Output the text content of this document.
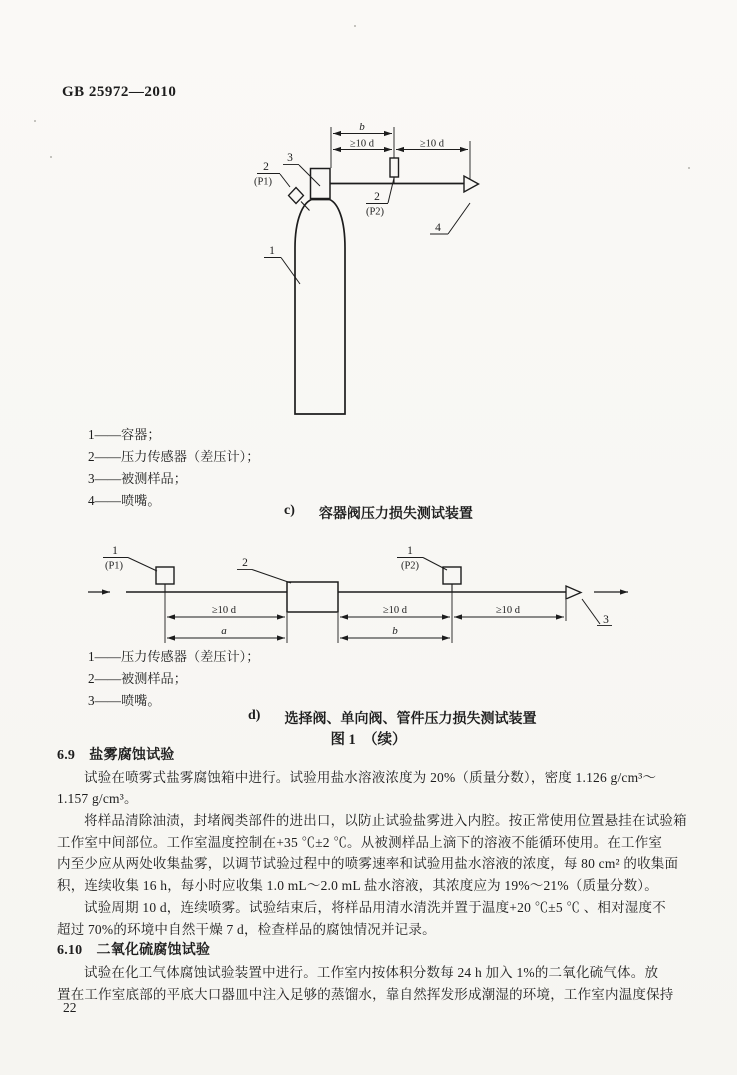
GB 25972—2010
b
≥10 d	≥10 d
2
(P1)
3
2
(P2)
4
1
1——容器；
2——压力传感器（差压计）；
3——被测样品；
4——喷嘴。
c) 容器阀压力损失测试装置
1
(P1)	2
1
(P2)
3
≥10 d	≥10 d	≥10 d
a	b
1——压力传感器（差压计）；
2——被测样品；
3——喷嘴。
d) 选择阀、单向阀、管件压力损失测试装置
图 1　（续）
6.9　盐雾腐蚀试验
试验在喷雾式盐雾腐蚀箱中进行。试验用盐水溶液浓度为 20%（质量分数），密度 1.126 g/cm³～
1.157 g/cm³。
将样品清除油渍，封堵阀类部件的进出口，以防止试验盐雾进入内腔。按正常使用位置悬挂在试验箱
工作室中间部位。工作室温度控制在+35 ℃±2 ℃。从被测样品上滴下的溶液不能循环使用。在工作室
内至少应从两处收集盐雾，以调节试验过程中的喷雾速率和试验用盐水溶液的浓度，每 80 cm² 的收集面
积，连续收集 16 h，每小时应收集 1.0 mL～2.0 mL 盐水溶液，其浓度应为 19%～21%（质量分数）。
试验周期 10 d，连续喷雾。试验结束后，将样品用清水清洗并置于温度+20 ℃±5 ℃ 、相对湿度不
超过 70%的环境中自然干燥 7 d，检查样品的腐蚀情况并记录。
6.10　二氧化硫腐蚀试验
试验在化工气体腐蚀试验装置中进行。工作室内按体积分数每 24 h 加入 1%的二氧化硫气体。放
置在工作室底部的平底大口器皿中注入足够的蒸馏水，靠自然挥发形成潮湿的环境，工作室内温度保持
22
